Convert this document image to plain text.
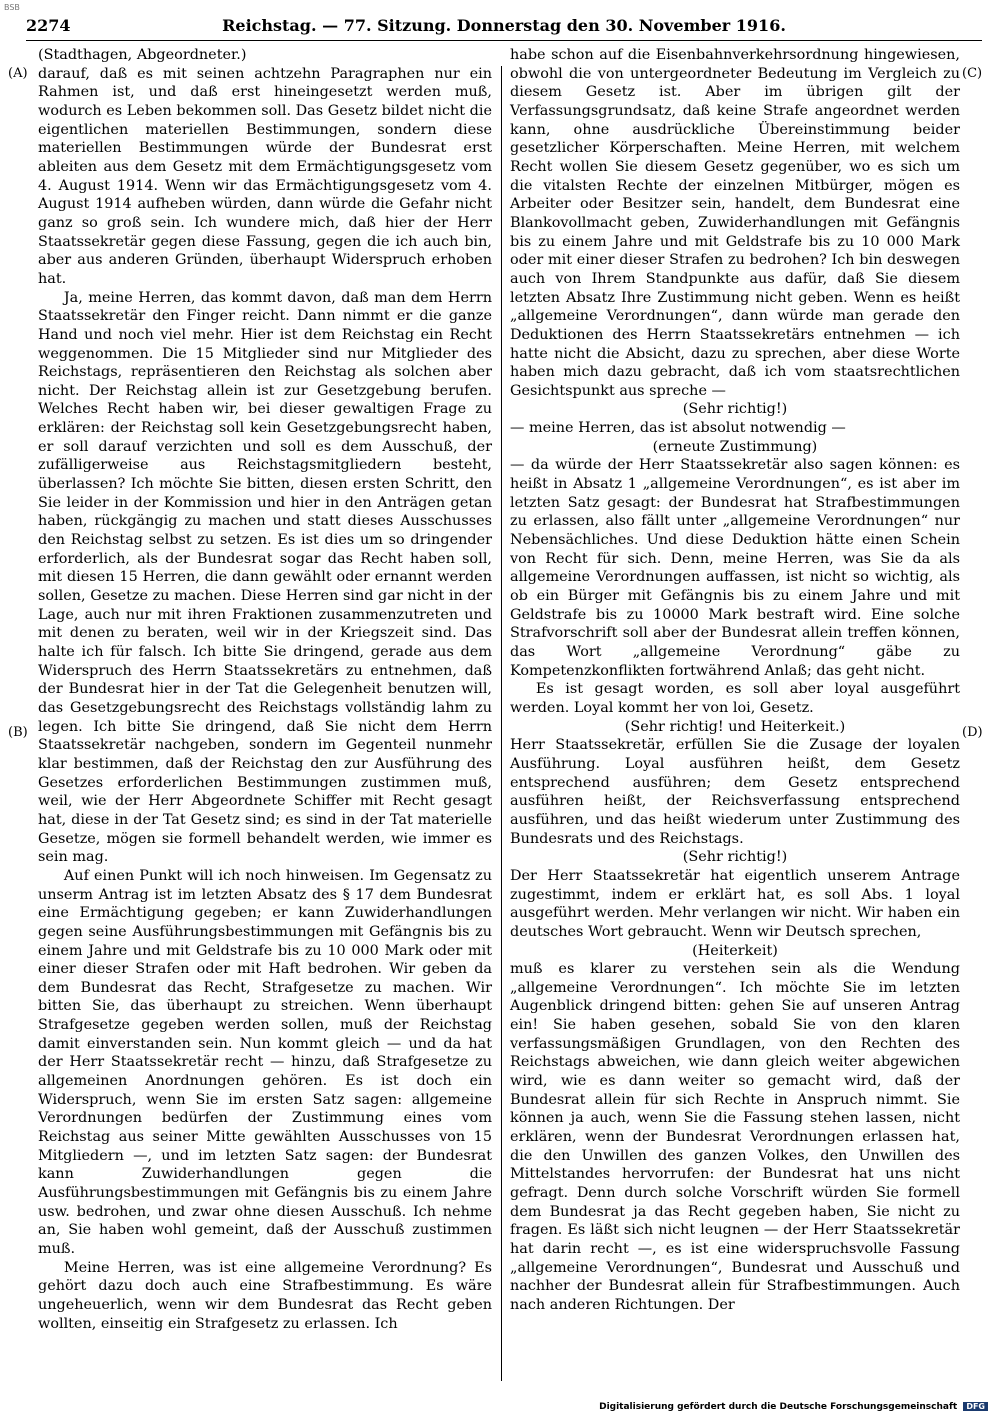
BSB
Reichstag. — 77. Sitzung. Donnerstag den 30. November 1916.
2274
(A)
(B)
(C)
(D)

(Stadthagen, Abgeordneter.)

darauf, daß es mit seinen achtzehn Paragraphen nur ein Rahmen ist, und daß erst hineingesetzt werden muß, wodurch es Leben bekommen soll. Das Gesetz bildet nicht die eigentlichen materiellen Bestimmungen, sondern diese materiellen Bestimmungen würde der Bundesrat erst ableiten aus dem Gesetz mit dem Ermächtigungsgesetz vom 4. August 1914. Wenn wir das Ermächtigungsgesetz vom 4. August 1914 aufheben würden, dann würde die Gefahr nicht ganz so groß sein. Ich wundere mich, daß hier der Herr Staatssekretär gegen diese Fassung, gegen die ich auch bin, aber aus anderen Gründen, überhaupt Widerspruch erhoben hat.

Ja, meine Herren, das kommt davon, daß man dem Herrn Staatssekretär den Finger reicht. Dann nimmt er die ganze Hand und noch viel mehr. Hier ist dem Reichstag ein Recht weggenommen. Die 15 Mitglieder sind nur Mitglieder des Reichstags, repräsentieren den Reichstag als solchen aber nicht. Der Reichstag allein ist zur Gesetzgebung berufen. Welches Recht haben wir, bei dieser gewaltigen Frage zu erklären: der Reichstag soll kein Gesetzgebungsrecht haben, er soll darauf verzichten und soll es dem Ausschuß, der zufälligerweise aus Reichstagsmitgliedern besteht, überlassen? Ich möchte Sie bitten, diesen ersten Schritt, den Sie leider in der Kommission und hier in den Anträgen getan haben, rückgängig zu machen und statt dieses Ausschusses den Reichstag selbst zu setzen. Es ist dies um so dringender erforderlich, als der Bundesrat sogar das Recht haben soll, mit diesen 15 Herren, die dann gewählt oder ernannt werden sollen, Gesetze zu machen. Diese Herren sind gar nicht in der Lage, auch nur mit ihren Fraktionen zusammenzutreten und mit denen zu beraten, weil wir in der Kriegszeit sind. Das halte ich für falsch. Ich bitte Sie dringend, gerade aus dem Widerspruch des Herrn Staatssekretärs zu entnehmen, daß der Bundesrat hier in der Tat die Gelegenheit benutzen will, das Gesetzgebungsrecht des Reichstags vollständig lahm zu legen. Ich bitte Sie dringend, daß Sie nicht dem Herrn Staatssekretär nachgeben, sondern im Gegenteil nunmehr klar bestimmen, daß der Reichstag den zur Ausführung des Gesetzes erforderlichen Bestimmungen zustimmen muß, weil, wie der Herr Abgeordnete Schiffer mit Recht gesagt hat, diese in der Tat Gesetz sind; es sind in der Tat materielle Gesetze, mögen sie formell behandelt werden, wie immer es sein mag.

Auf einen Punkt will ich noch hinweisen. Im Gegensatz zu unserm Antrag ist im letzten Absatz des § 17 dem Bundesrat eine Ermächtigung gegeben; er kann Zuwiderhandlungen gegen seine Ausführungsbestimmungen mit Gefängnis bis zu einem Jahre und mit Geldstrafe bis zu 10 000 Mark oder mit einer dieser Strafen oder mit Haft bedrohen. Wir geben da dem Bundesrat das Recht, Strafgesetze zu machen. Wir bitten Sie, das überhaupt zu streichen. Wenn überhaupt Strafgesetze gegeben werden sollen, muß der Reichstag damit einverstanden sein. Nun kommt gleich — und da hat der Herr Staatssekretär recht — hinzu, daß Strafgesetze zu allgemeinen Anordnungen gehören. Es ist doch ein Widerspruch, wenn Sie im ersten Satz sagen: allgemeine Verordnungen bedürfen der Zustimmung eines vom Reichstag aus seiner Mitte gewählten Ausschusses von 15 Mitgliedern —, und im letzten Satz sagen: der Bundesrat kann Zuwiderhandlungen gegen die Ausführungsbestimmungen mit Gefängnis bis zu einem Jahre usw. bedrohen, und zwar ohne diesen Ausschuß. Ich nehme an, Sie haben wohl gemeint, daß der Ausschuß zustimmen muß.

Meine Herren, was ist eine allgemeine Verordnung? Es gehört dazu doch auch eine Strafbestimmung. Es wäre ungeheuerlich, wenn wir dem Bundesrat das Recht geben wollten, einseitig ein Strafgesetz zu erlassen. Ich

habe schon auf die Eisenbahnverkehrsordnung hingewiesen, obwohl die von untergeordneter Bedeutung im Vergleich zu diesem Gesetz ist. Aber im übrigen gilt der Verfassungsgrundsatz, daß keine Strafe angeordnet werden kann, ohne ausdrückliche Übereinstimmung beider gesetzlicher Körperschaften. Meine Herren, mit welchem Recht wollen Sie diesem Gesetz gegenüber, wo es sich um die vitalsten Rechte der einzelnen Mitbürger, mögen es Arbeiter oder Besitzer sein, handelt, dem Bundesrat eine Blankovollmacht geben, Zuwiderhandlungen mit Gefängnis bis zu einem Jahre und mit Geldstrafe bis zu 10 000 Mark oder mit einer dieser Strafen zu bedrohen? Ich bin deswegen auch von Ihrem Standpunkte aus dafür, daß Sie diesem letzten Absatz Ihre Zustimmung nicht geben. Wenn es heißt „allgemeine Verordnungen“, dann würde man gerade den Deduktionen des Herrn Staatssekretärs entnehmen — ich hatte nicht die Absicht, dazu zu sprechen, aber diese Worte haben mich dazu gebracht, daß ich vom staatsrechtlichen Gesichtspunkt aus spreche —

(Sehr richtig!)

— meine Herren, das ist absolut notwendig —

(erneute Zustimmung)

— da würde der Herr Staatssekretär also sagen können: es heißt in Absatz 1 „allgemeine Verordnungen“, es ist aber im letzten Satz gesagt: der Bundesrat hat Strafbestimmungen zu erlassen, also fällt unter „allgemeine Verordnungen“ nur Nebensächliches. Und diese Deduktion hätte einen Schein von Recht für sich. Denn, meine Herren, was Sie da als allgemeine Verordnungen auffassen, ist nicht so wichtig, als ob ein Bürger mit Gefängnis bis zu einem Jahre und mit Geldstrafe bis zu 10000 Mark bestraft wird. Eine solche Strafvorschrift soll aber der Bundesrat allein treffen können, das Wort „allgemeine Verordnung“ gäbe zu Kompetenzkonflikten fortwährend Anlaß; das geht nicht.

Es ist gesagt worden, es soll aber loyal ausgeführt werden. Loyal kommt her von loi, Gesetz.

(Sehr richtig! und Heiterkeit.)

Herr Staatssekretär, erfüllen Sie die Zusage der loyalen Ausführung. Loyal ausführen heißt, dem Gesetz entsprechend ausführen; dem Gesetz entsprechend ausführen heißt, der Reichsverfassung entsprechend ausführen, und das heißt wiederum unter Zustimmung des Bundesrats und des Reichstags.

(Sehr richtig!)

Der Herr Staatssekretär hat eigentlich unserem Antrage zugestimmt, indem er erklärt hat, es soll Abs. 1 loyal ausgeführt werden. Mehr verlangen wir nicht. Wir haben ein deutsches Wort gebraucht. Wenn wir Deutsch sprechen,

(Heiterkeit)

muß es klarer zu verstehen sein als die Wendung „allgemeine Verordnungen“. Ich möchte Sie im letzten Augenblick dringend bitten: gehen Sie auf unseren Antrag ein! Sie haben gesehen, sobald Sie von den klaren verfassungsmäßigen Grundlagen, von den Rechten des Reichstags abweichen, wie dann gleich weiter abgewichen wird, wie es dann weiter so gemacht wird, daß der Bundesrat allein für sich Rechte in Anspruch nimmt. Sie können ja auch, wenn Sie die Fassung stehen lassen, nicht erklären, wenn der Bundesrat Verordnungen erlassen hat, die den Unwillen des ganzen Volkes, den Unwillen des Mittelstandes hervorrufen: der Bundesrat hat uns nicht gefragt. Denn durch solche Vorschrift würden Sie formell dem Bundesrat ja das Recht gegeben haben, Sie nicht zu fragen. Es läßt sich nicht leugnen — der Herr Staatssekretär hat darin recht —, es ist eine widerspruchsvolle Fassung „allgemeine Verordnungen“, Bundesrat und Ausschuß und nachher der Bundesrat allein für Strafbestimmungen. Auch nach anderen Richtungen. Der

Digitalisierung gefördert durch die Deutsche Forschungsgemeinschaft DFG
